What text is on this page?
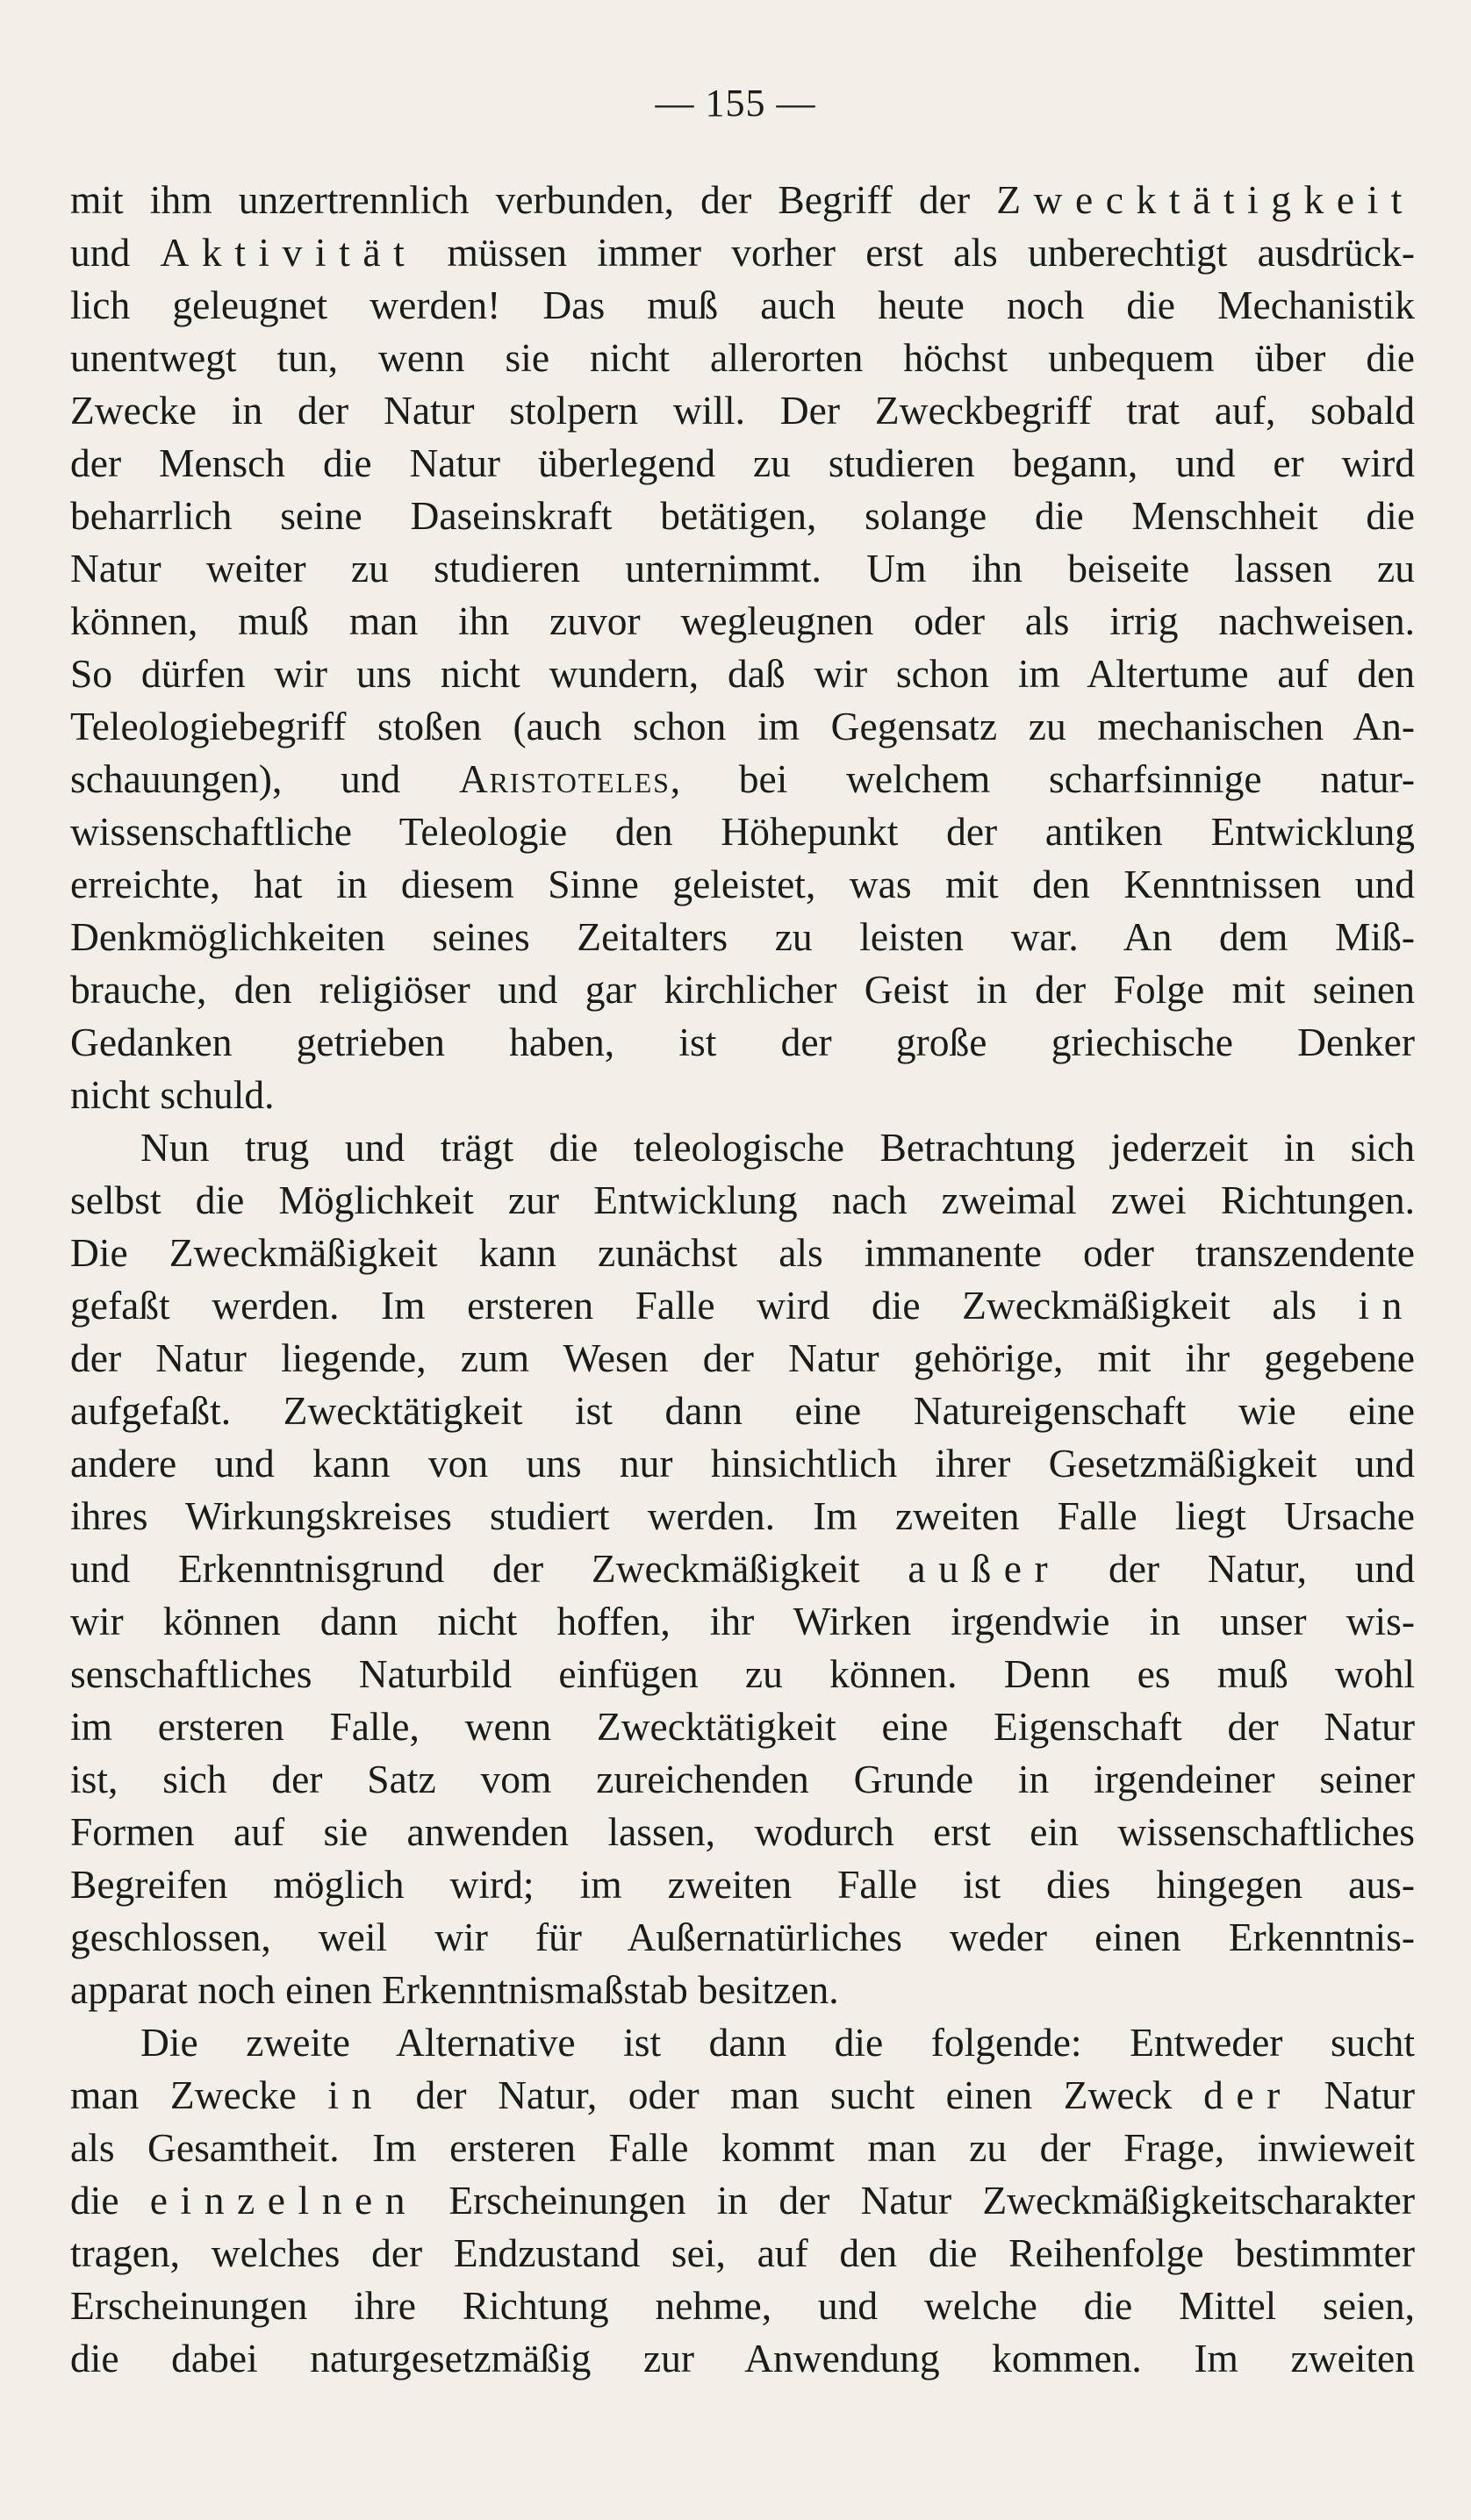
— 155 —
mit ihm unzertrennlich verbunden, der Begriff der Zwecktätigkeit
und Aktivität müssen immer vorher erst als unberechtigt ausdrück-
lich geleugnet werden! Das muß auch heute noch die Mechanistik
unentwegt tun, wenn sie nicht allerorten höchst unbequem über die
Zwecke in der Natur stolpern will. Der Zweckbegriff trat auf, sobald
der Mensch die Natur überlegend zu studieren begann, und er wird
beharrlich seine Daseinskraft betätigen, solange die Menschheit die
Natur weiter zu studieren unternimmt. Um ihn beiseite lassen zu
können, muß man ihn zuvor wegleugnen oder als irrig nachweisen.
So dürfen wir uns nicht wundern, daß wir schon im Altertume auf den
Teleologiebegriff stoßen (auch schon im Gegensatz zu mechanischen An-
schauungen), und Aristoteles, bei welchem scharfsinnige natur-
wissenschaftliche Teleologie den Höhepunkt der antiken Entwicklung
erreichte, hat in diesem Sinne geleistet, was mit den Kenntnissen und
Denkmöglichkeiten seines Zeitalters zu leisten war. An dem Miß-
brauche, den religiöser und gar kirchlicher Geist in der Folge mit seinen
Gedanken getrieben haben, ist der große griechische Denker
nicht schuld.
Nun trug und trägt die teleologische Betrachtung jederzeit in sich
selbst die Möglichkeit zur Entwicklung nach zweimal zwei Richtungen.
Die Zweckmäßigkeit kann zunächst als immanente oder transzendente
gefaßt werden. Im ersteren Falle wird die Zweckmäßigkeit als in
der Natur liegende, zum Wesen der Natur gehörige, mit ihr gegebene
aufgefaßt. Zwecktätigkeit ist dann eine Natureigenschaft wie eine
andere und kann von uns nur hinsichtlich ihrer Gesetzmäßigkeit und
ihres Wirkungskreises studiert werden. Im zweiten Falle liegt Ursache
und Erkenntnisgrund der Zweckmäßigkeit außer der Natur, und
wir können dann nicht hoffen, ihr Wirken irgendwie in unser wis-
senschaftliches Naturbild einfügen zu können. Denn es muß wohl
im ersteren Falle, wenn Zwecktätigkeit eine Eigenschaft der Natur
ist, sich der Satz vom zureichenden Grunde in irgendeiner seiner
Formen auf sie anwenden lassen, wodurch erst ein wissenschaftliches
Begreifen möglich wird; im zweiten Falle ist dies hingegen aus-
geschlossen, weil wir für Außernatürliches weder einen Erkenntnis-
apparat noch einen Erkenntnismaßstab besitzen.
Die zweite Alternative ist dann die folgende: Entweder sucht
man Zwecke in der Natur, oder man sucht einen Zweck der Natur
als Gesamtheit. Im ersteren Falle kommt man zu der Frage, inwieweit
die einzelnen Erscheinungen in der Natur Zweckmäßigkeitscharakter
tragen, welches der Endzustand sei, auf den die Reihenfolge bestimmter
Erscheinungen ihre Richtung nehme, und welche die Mittel seien,
die dabei naturgesetzmäßig zur Anwendung kommen. Im zweiten
